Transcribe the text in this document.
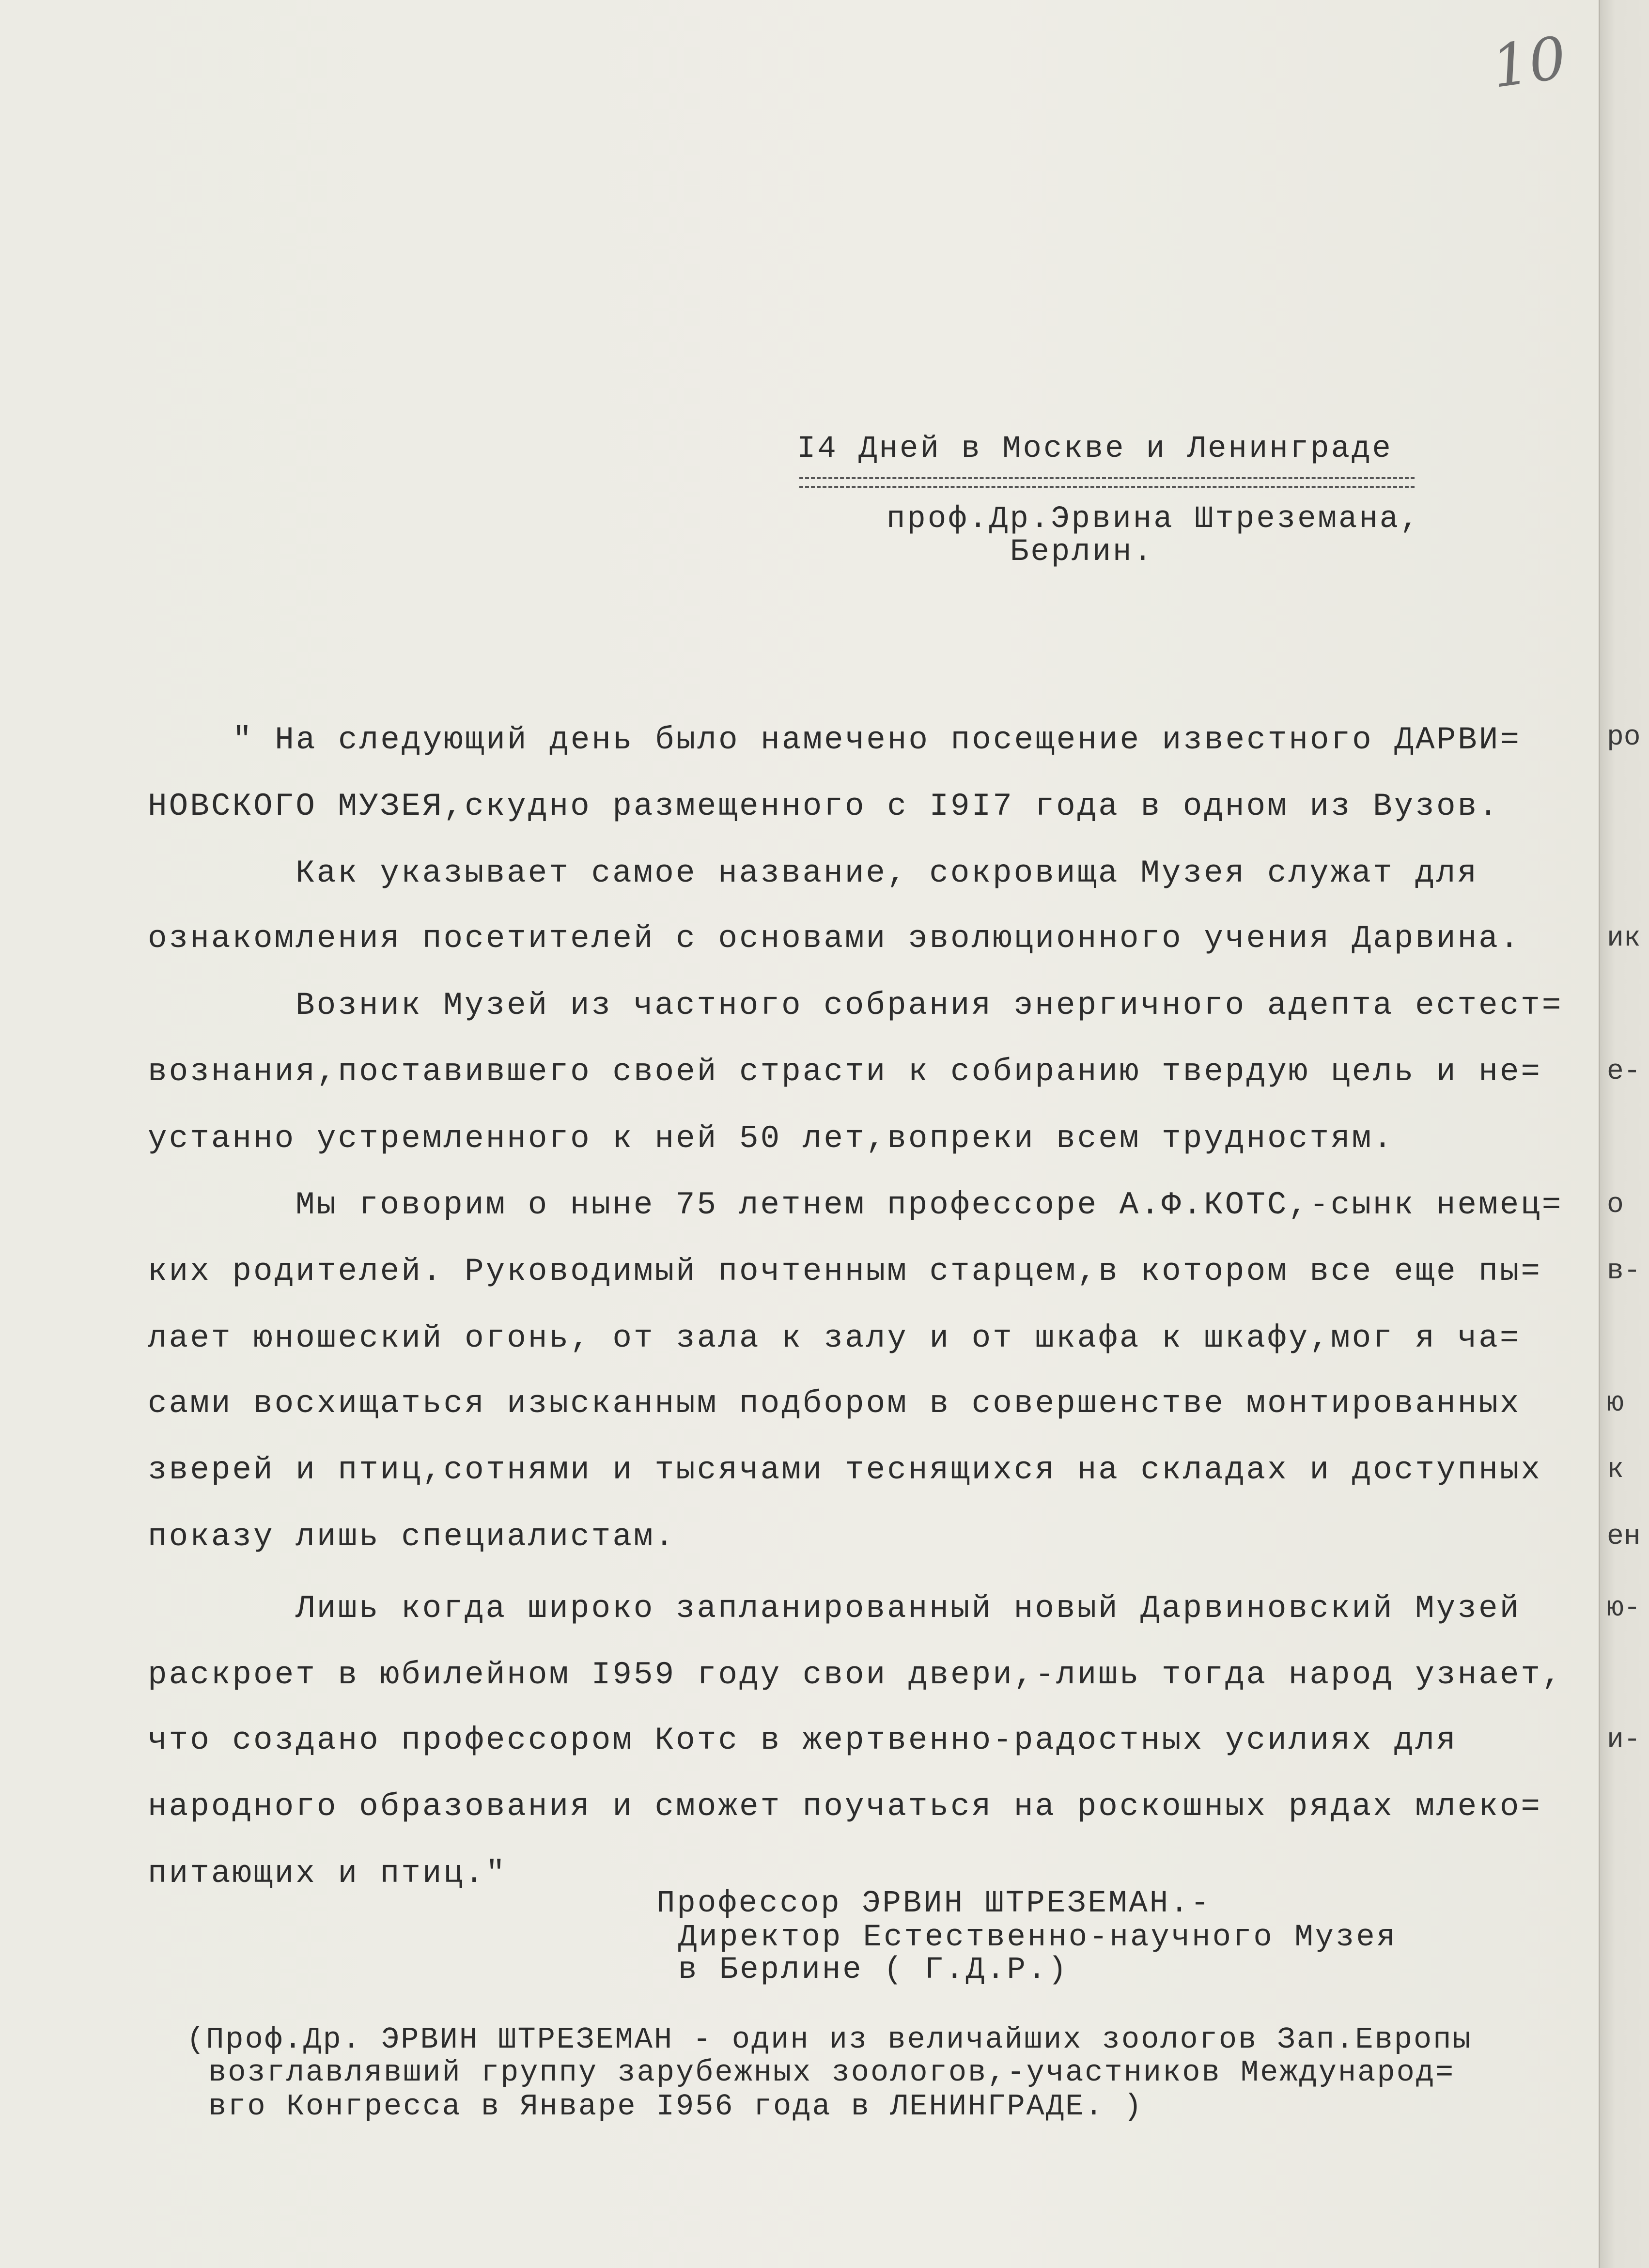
10
I4 Дней в Москве и Ленинграде
проф.Др.Эрвина Штреземана,
Берлин.
" На следующий день было намечено посещение известного ДАРВИ=
НОВСКОГО МУЗЕЯ,скудно размещенного с I9I7 года в одном из Вузов.
Как указывает самое название, сокровища Музея служат для
ознакомления посетителей с основами эволюционного учения Дарвина.
Возник Музей из частного собрания энергичного адепта естест=
вознания,поставившего своей страсти к собиранию твердую цель и не=
устанно устремленного к ней 50 лет,вопреки всем трудностям.
Мы говорим о ныне 75 летнем профессоре А.Ф.КОТС,-сынк немец=
ких родителей. Руководимый почтенным старцем,в котором все еще пы=
лает юношеский огонь, от зала к залу и от шкафа к шкафу,мог я ча=
сами восхищаться изысканным подбором в совершенстве монтированных
зверей и птиц,сотнями и тысячами теснящихся на складах и доступных
показу лишь специалистам.
Лишь когда широко запланированный новый Дарвиновский Музей
раскроет в юбилейном I959 году свои двери,-лишь тогда народ узнает,
что создано профессором Котс в жертвенно-радостных усилиях для
народного образования и сможет поучаться на роскошных рядах млеко=
питающих и птиц."
Профессор ЭРВИН ШТРЕЗЕМАН.-
Директор Естественно-научного Музея
в Берлине ( Г.Д.Р.)
(Проф.Др. ЭРВИН ШТРЕЗЕМАН - один из величайших зоологов Зап.Европы
возглавлявший группу зарубежных зоологов,-участников Международ=
вго Конгресса в Январе I956 года в ЛЕНИНГРАДЕ. )
ро
ик
е-
о
в-
ю
к
ен
ю-
и-
